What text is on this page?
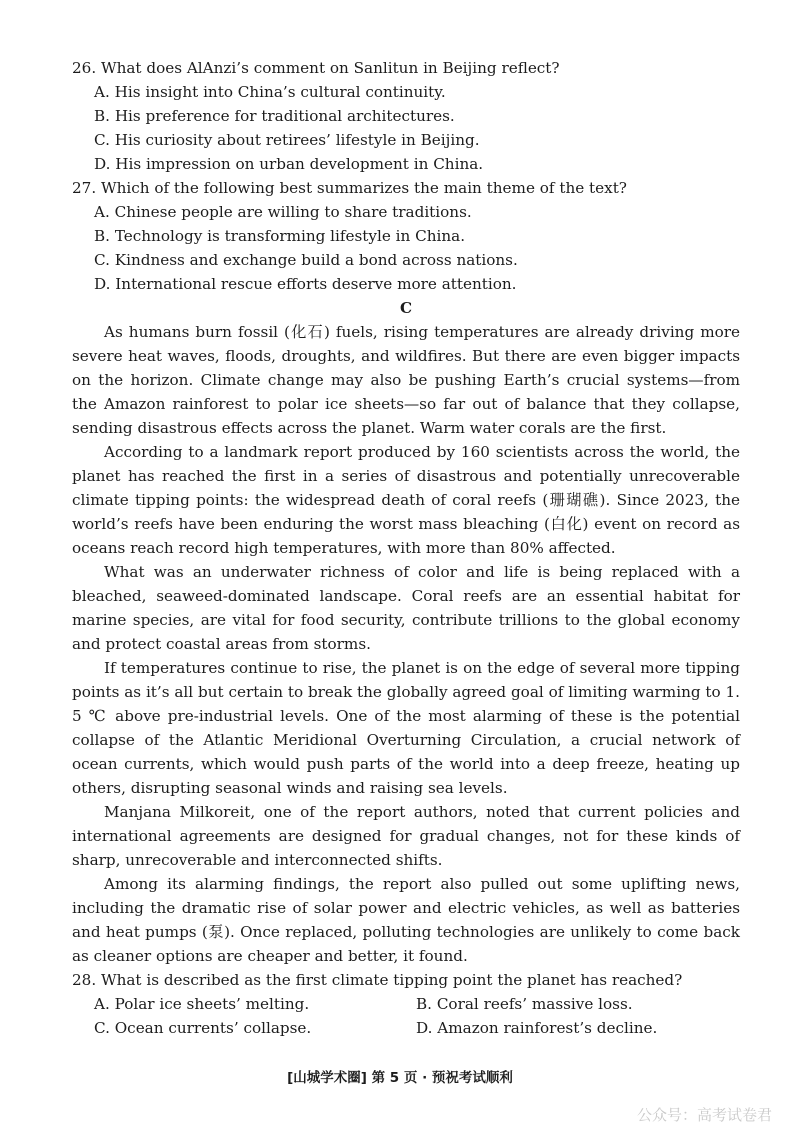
26. What does AlAnzi’s comment on Sanlitun in Beijing reflect?

A. His insight into China’s cultural continuity.

B. His preference for traditional architectures.

C. His curiosity about retirees’ lifestyle in Beijing.

D. His impression on urban development in China.

27. Which of the following best summarizes the main theme of the text?

A. Chinese people are willing to share traditions.

B. Technology is transforming lifestyle in China.

C. Kindness and exchange build a bond across nations.

D. International rescue efforts deserve more attention.

C

As humans burn fossil (化石) fuels, rising temperatures are already driving more severe heat waves, floods, droughts, and wildfires. But there are even bigger impacts on the horizon. Climate change may also be pushing Earth’s crucial systems—from the Amazon rainforest to polar ice sheets—so far out of balance that they collapse, sending disastrous effects across the planet. Warm water corals are the first.

According to a landmark report produced by 160 scientists across the world, the planet has reached the first in a series of disastrous and potentially unrecoverable climate tipping points: the widespread death of coral reefs (珊瑚礁). Since 2023, the world’s reefs have been enduring the worst mass bleaching (白化) event on record as oceans reach record high temperatures, with more than 80% affected.

What was an underwater richness of color and life is being replaced with a bleached, seaweed-dominated landscape. Coral reefs are an essential habitat for marine species, are vital for food security, contribute trillions to the global economy and protect coastal areas from storms.

If temperatures continue to rise, the planet is on the edge of several more tipping points as it’s all but certain to break the globally agreed goal of limiting warming to 1. 5 ℃ above pre-industrial levels. One of the most alarming of these is the potential collapse of the Atlantic Meridional Overturning Circulation, a crucial network of ocean currents, which would push parts of the world into a deep freeze, heating up others, disrupting seasonal winds and raising sea levels.

Manjana Milkoreit, one of the report authors, noted that current policies and international agreements are designed for gradual changes, not for these kinds of sharp, unrecoverable and interconnected shifts.

Among its alarming findings, the report also pulled out some uplifting news, including the dramatic rise of solar power and electric vehicles, as well as batteries and heat pumps (泵). Once replaced, polluting technologies are unlikely to come back as cleaner options are cheaper and better, it found.

28. What is described as the first climate tipping point the planet has reached?

A. Polar ice sheets’ melting.	B. Coral reefs’ massive loss.
C. Ocean currents’ collapse.	D. Amazon rainforest’s decline.
[山城学术圈] 第 5 页 · 预祝考试顺利
公众号：高考试卷君
